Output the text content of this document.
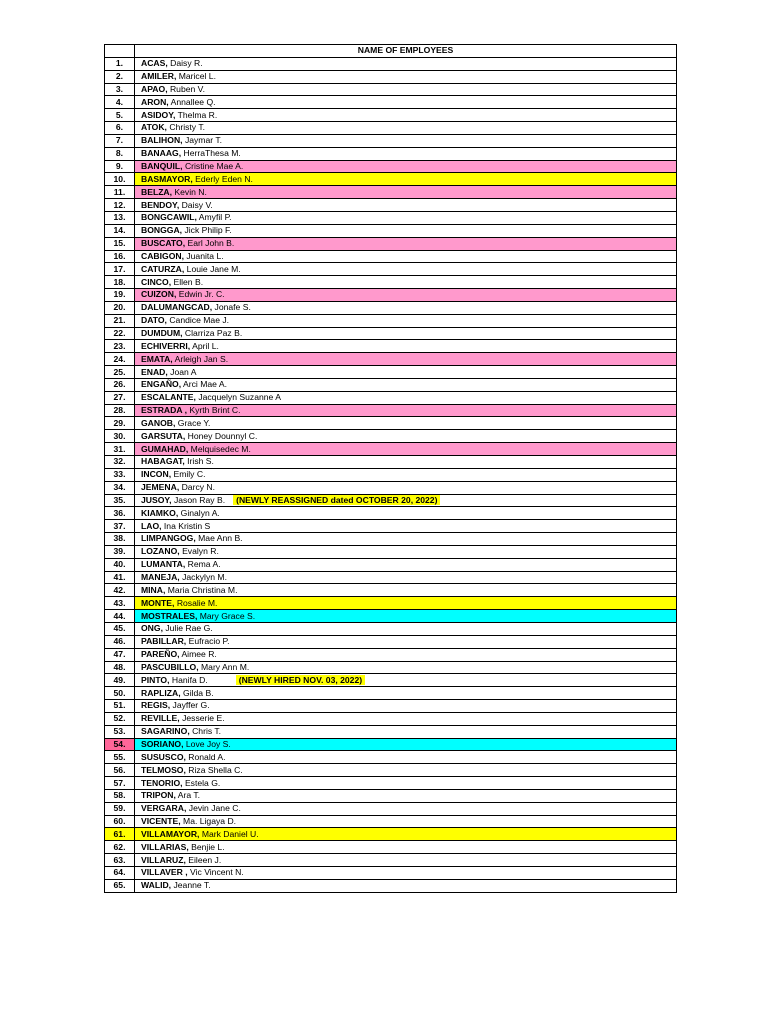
	NAME OF EMPLOYEES
1.	ACAS, Daisy R.
2.	AMILER, Maricel L.
3.	APAO, Ruben V.
4.	ARON, Annallee Q.
5.	ASIDOY, Thelma R.
6.	ATOK, Christy T.
7.	BALIHON, Jaymar T.
8.	BANAAG, HerraThesa M.
9.	BANQUIL, Cristine Mae A.
10.	BASMAYOR, Ederly Eden N.
11.	BELZA, Kevin N.
12.	BENDOY, Daisy V.
13.	BONGCAWIL, Amyfil P.
14.	BONGGA, Jick Philip F.
15.	BUSCATO, Earl John B.
16.	CABIGON, Juanita L.
17.	CATURZA, Louie Jane M.
18.	CINCO, Ellen B.
19.	CUIZON, Edwin Jr. C.
20.	DALUMANGCAD, Jonafe S.
21.	DATO, Candice Mae J.
22.	DUMDUM, Clarriza Paz B.
23.	ECHIVERRI, April L.
24.	EMATA, Arleigh Jan S.
25.	ENAD, Joan A
26.	ENGAÑO, Arci Mae A.
27.	ESCALANTE, Jacquelyn Suzanne A
28.	ESTRADA , Kyrth Brint C.
29.	GANOB, Grace Y.
30.	GARSUTA, Honey Dounnyl C.
31.	GUMAHAD, Melquisedec M.
32.	HABAGAT, Irish S.
33.	INCON, Emily C.
34.	JEMENA, Darcy N.
35.	JUSOY, Jason Ray B. (NEWLY REASSIGNED dated OCTOBER 20, 2022)
36.	KIAMKO, Ginalyn A.
37.	LAO, Ina Kristin S
38.	LIMPANGOG, Mae Ann B.
39.	LOZANO, Evalyn R.
40.	LUMANTA, Rema A.
41.	MANEJA, Jackylyn M.
42.	MINA, Maria Christina M.
43.	MONTE, Rosalie M.
44.	MOSTRALES, Mary Grace S.
45.	ONG, Julie Rae G.
46.	PABILLAR, Eufracio P.
47.	PAREÑO, Aimee R.
48.	PASCUBILLO, Mary Ann M.
49.	PINTO, Hanifa D. (NEWLY HIRED NOV. 03, 2022)
50.	RAPLIZA, Gilda B.
51.	REGIS, Jayffer G.
52.	REVILLE, Jesserie E.
53.	SAGARINO, Chris T.
54.	SORIANO, Love Joy S.
55.	SUSUSCO, Ronald A.
56.	TELMOSO, Riza Shella C.
57.	TENORIO, Estela G.
58.	TRIPON, Ara T.
59.	VERGARA, Jevin Jane C.
60.	VICENTE, Ma. Ligaya D.
61.	VILLAMAYOR, Mark Daniel U.
62.	VILLARIAS, Benjie L.
63.	VILLARUZ, Eileen J.
64.	VILLAVER , Vic Vincent N.
65.	WALID, Jeanne T.
